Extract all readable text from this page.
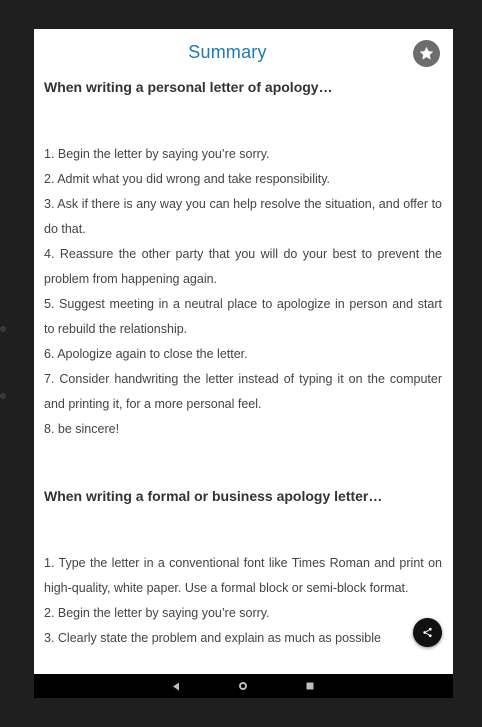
Summary

When writing a personal letter of apology…

1. Begin the letter by saying you’re sorry.

2. Admit what you did wrong and take responsibility.

3. Ask if there is any way you can help resolve the situation, and offer to do that.

4. Reassure the other party that you will do your best to prevent the problem from happening again.

5. Suggest meeting in a neutral place to apologize in person and start to rebuild the relationship.

6. Apologize again to close the letter.

7. Consider handwriting the letter instead of typing it on the computer and printing it, for a more personal feel.

8. be sincere!

When writing a formal or business apology letter…

1. Type the letter in a conventional font like Times Roman and print on high-quality, white paper. Use a formal block or semi-block format.

2. Begin the letter by saying you’re sorry.

3. Clearly state the problem and explain as much as possible
